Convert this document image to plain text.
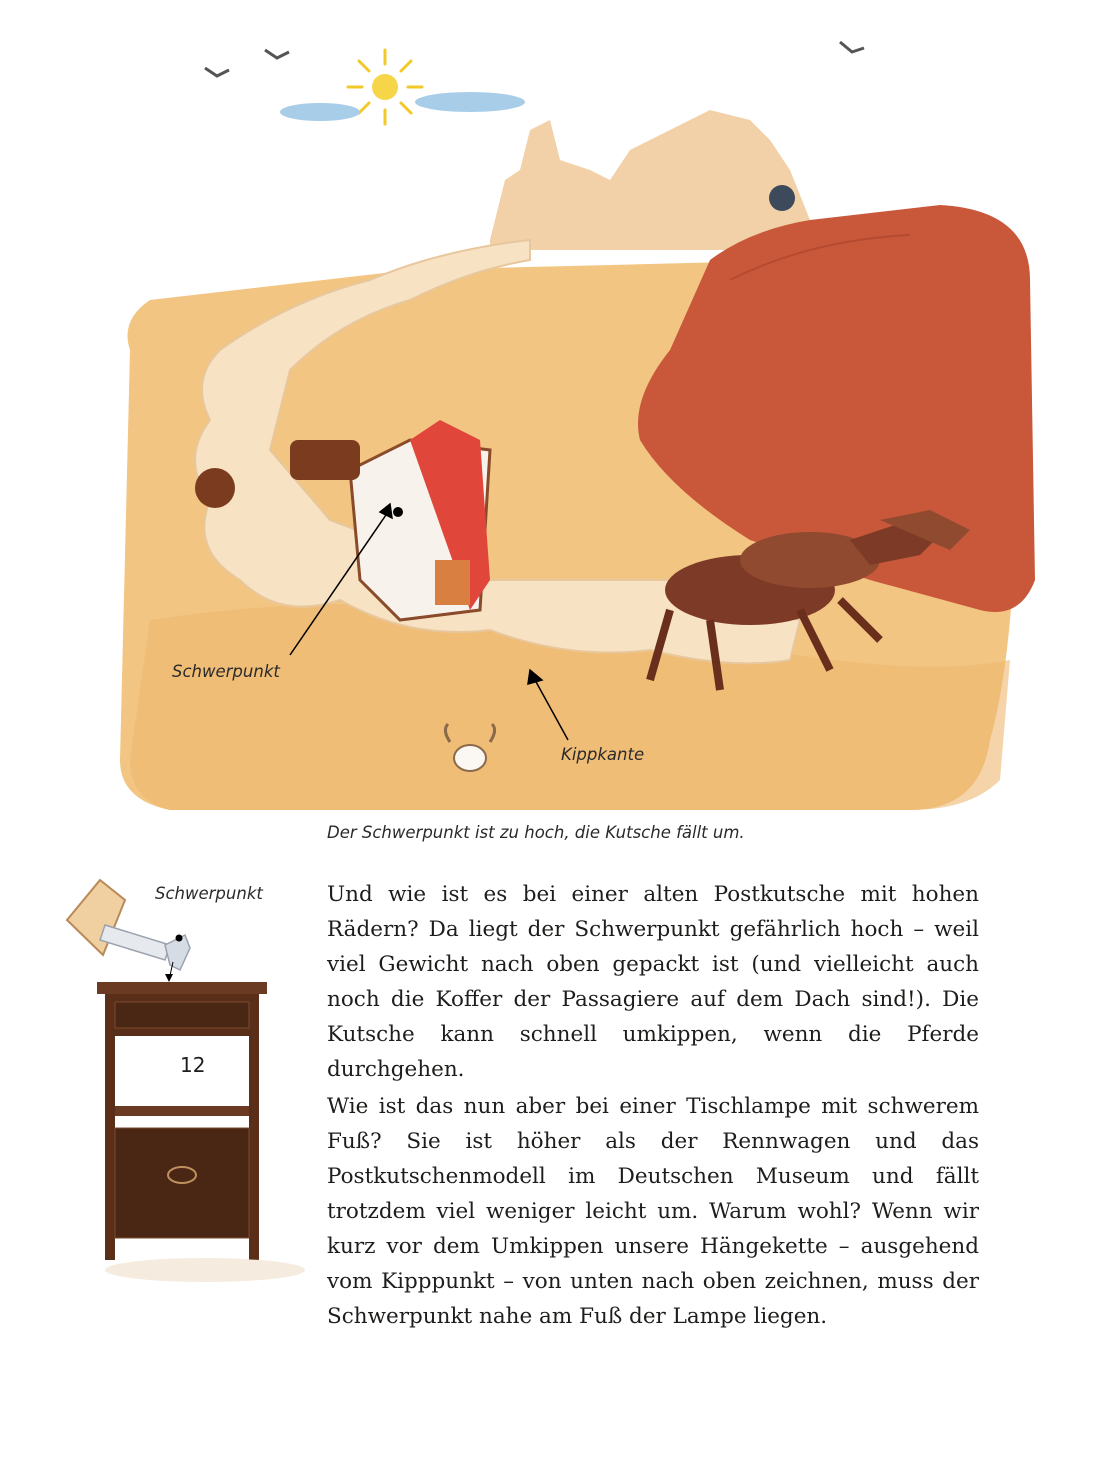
Schwerpunkt
Kippkante
Der Schwerpunkt ist zu hoch, die Kutsche fällt um.
Schwerpunkt	Und wie ist es bei einer alten Postkutsche mit hohen Rädern? Da liegt der Schwerpunkt gefährlich hoch – weil viel Gewicht nach oben gepackt ist (und vielleicht auch noch die Koffer der Passagiere auf dem Dach sind!). Die Kutsche kann schnell umkippen, wenn die Pferde durchgehen.

Wie ist das nun aber bei einer Tischlampe mit schwerem Fuß? Sie ist höher als der Rennwagen und das Postkutschenmodell im Deutschen Museum und fällt trotzdem viel weniger leicht um. Warum wohl? Wenn wir kurz vor dem Umkippen unsere Hängekette – ausgehend vom Kipppunkt – von unten nach oben zeichnen, muss der Schwerpunkt nahe am Fuß der Lampe liegen.

12
